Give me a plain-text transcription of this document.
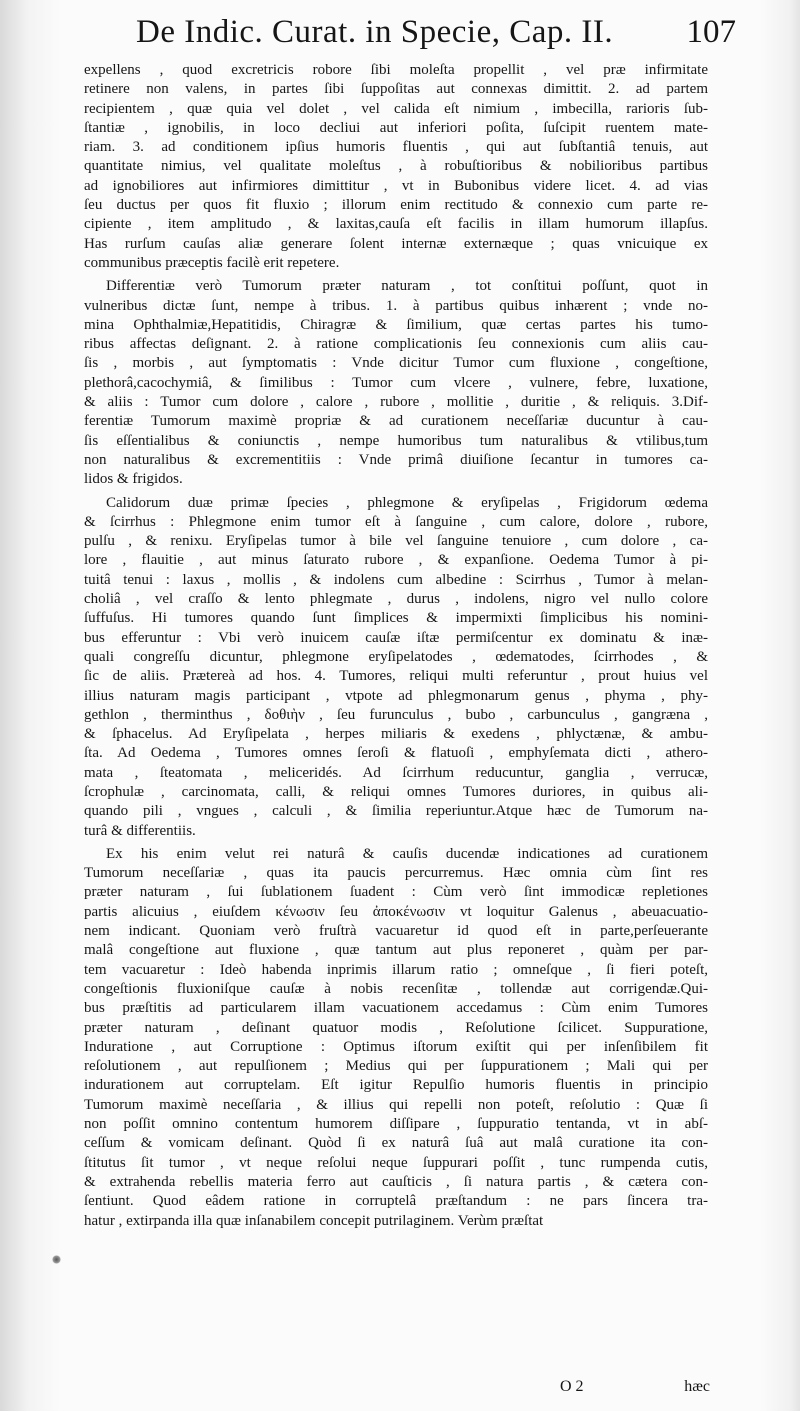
De Indic. Curat. in Specie, Cap. II. 107
expellens , quod excretricis robore ſibi moleſta propellit , vel præ infirmitate
retinere non valens, in partes ſibi ſuppoſitas aut connexas dimittit. 2. ad partem
recipientem , quæ quia vel dolet , vel calida eſt nimium , imbecilla, rarioris ſub-
ſtantiæ , ignobilis, in loco decliui aut inferiori poſita, ſuſcipit ruentem mate-
riam. 3. ad conditionem ipſius humoris fluentis , qui aut ſubſtantiâ tenuis, aut
quantitate nimius, vel qualitate moleſtus , à robuſtioribus & nobilioribus partibus
ad ignobiliores aut infirmiores dimittitur , vt in Bubonibus videre licet. 4. ad vias
ſeu ductus per quos fit fluxio ; illorum enim rectitudo & connexio cum parte re-
cipiente , item amplitudo , & laxitas,cauſa eſt facilis in illam humorum illapſus.
Has rurſum cauſas aliæ generare ſolent internæ externæque ; quas vnicuique ex
communibus præceptis facilè erit repetere.
Differentiæ verò Tumorum præter naturam , tot conſtitui poſſunt, quot in
vulneribus dictæ ſunt, nempe à tribus. 1. à partibus quibus inhærent ; vnde no-
mina Ophthalmiæ,Hepatitidis, Chiragræ & ſimilium, quæ certas partes his tumo-
ribus affectas deſignant. 2. à ratione complicationis ſeu connexionis cum aliis cau-
ſis , morbis , aut ſymptomatis : Vnde dicitur Tumor cum fluxione , congeſtione,
plethorâ,cacochymiâ, & ſimilibus : Tumor cum vlcere , vulnere, febre, luxatione,
& aliis : Tumor cum dolore , calore , rubore , mollitie , duritie , & reliquis. 3.Dif-
ferentiæ Tumorum maximè propriæ & ad curationem neceſſariæ ducuntur à cau-
ſis eſſentialibus & coniunctis , nempe humoribus tum naturalibus & vtilibus,tum
non naturalibus & excrementitiis : Vnde primâ diuiſione ſecantur in tumores ca-
lidos & frigidos.
Calidorum duæ primæ ſpecies , phlegmone & eryſipelas , Frigidorum œdema
& ſcirrhus : Phlegmone enim tumor eſt à ſanguine , cum calore, dolore , rubore,
pulſu , & renixu. Eryſipelas tumor à bile vel ſanguine tenuiore , cum dolore , ca-
lore , flauitie , aut minus ſaturato rubore , & expanſione. Oedema Tumor à pi-
tuitâ tenui : laxus , mollis , & indolens cum albedine : Scirrhus , Tumor à melan-
choliâ , vel craſſo & lento phlegmate , durus , indolens, nigro vel nullo colore
ſuffuſus. Hi tumores quando ſunt ſimplices & impermixti ſimplicibus his nomini-
bus efferuntur : Vbi verò inuicem cauſæ iſtæ permiſcentur ex dominatu & inæ-
quali congreſſu dicuntur, phlegmone eryſipelatodes , œdematodes, ſcirrhodes , &
ſic de aliis. Prætereà ad hos. 4. Tumores, reliqui multi referuntur , prout huius vel
illius naturam magis participant , vtpote ad phlegmonarum genus , phyma , phy-
gethlon , therminthus , δοθιὴν , ſeu furunculus , bubo , carbunculus , gangræna ,
& ſphacelus. Ad Eryſipelata , herpes miliaris & exedens , phlyctænæ, & ambu-
ſta. Ad Oedema , Tumores omnes ſeroſi & flatuoſi , emphyſemata dicti , athero-
mata , ſteatomata , meliceridés. Ad ſcirrhum reducuntur, ganglia , verrucæ,
ſcrophulæ , carcinomata, calli, & reliqui omnes Tumores duriores, in quibus ali-
quando pili , vngues , calculi , & ſimilia reperiuntur.Atque hæc de Tumorum na-
turâ & differentiis.
Ex his enim velut rei naturâ & cauſis ducendæ indicationes ad curationem
Tumorum neceſſariæ , quas ita paucis percurremus. Hæc omnia cùm ſint res
præter naturam , ſui ſublationem ſuadent : Cùm verò ſint immodicæ repletiones
partis alicuius , eiuſdem κένωσιν ſeu ἀποκένωσιν vt loquitur Galenus , abeuacuatio-
nem indicant. Quoniam verò fruſtrà vacuaretur id quod eſt in parte,perſeuerante
malâ congeſtione aut fluxione , quæ tantum aut plus reponeret , quàm per par-
tem vacuaretur : Ideò habenda inprimis illarum ratio ; omneſque , ſi fieri poteſt,
congeſtionis fluxioniſque cauſæ à nobis recenſitæ , tollendæ aut corrigendæ.Qui-
bus præſtitis ad particularem illam vacuationem accedamus : Cùm enim Tumores
præter naturam , deſinant quatuor modis , Reſolutione ſcilicet. Suppuratione,
Induratione , aut Corruptione : Optimus iſtorum exiſtit qui per inſenſibilem fit
reſolutionem , aut repulſionem ; Medius qui per ſuppurationem ; Mali qui per
indurationem aut corruptelam. Eſt igitur Repulſio humoris fluentis in principio
Tumorum maximè neceſſaria , & illius qui repelli non poteſt, reſolutio : Quæ ſi
non poſſit omnino contentum humorem diſſipare , ſuppuratio tentanda, vt in abſ-
ceſſum & vomicam deſinant. Quòd ſi ex naturâ ſuâ aut malâ curatione ita con-
ſtitutus ſit tumor , vt neque reſolui neque ſuppurari poſſit , tunc rumpenda cutis,
& extrahenda rebellis materia ferro aut cauſticis , ſi natura partis , & cætera con-
ſentiunt. Quod eâdem ratione in corruptelâ præſtandum : ne pars ſincera tra-
hatur , extirpanda illa quæ inſanabilem concepit putrilaginem. Verùm præſtat
O 2	hæc
